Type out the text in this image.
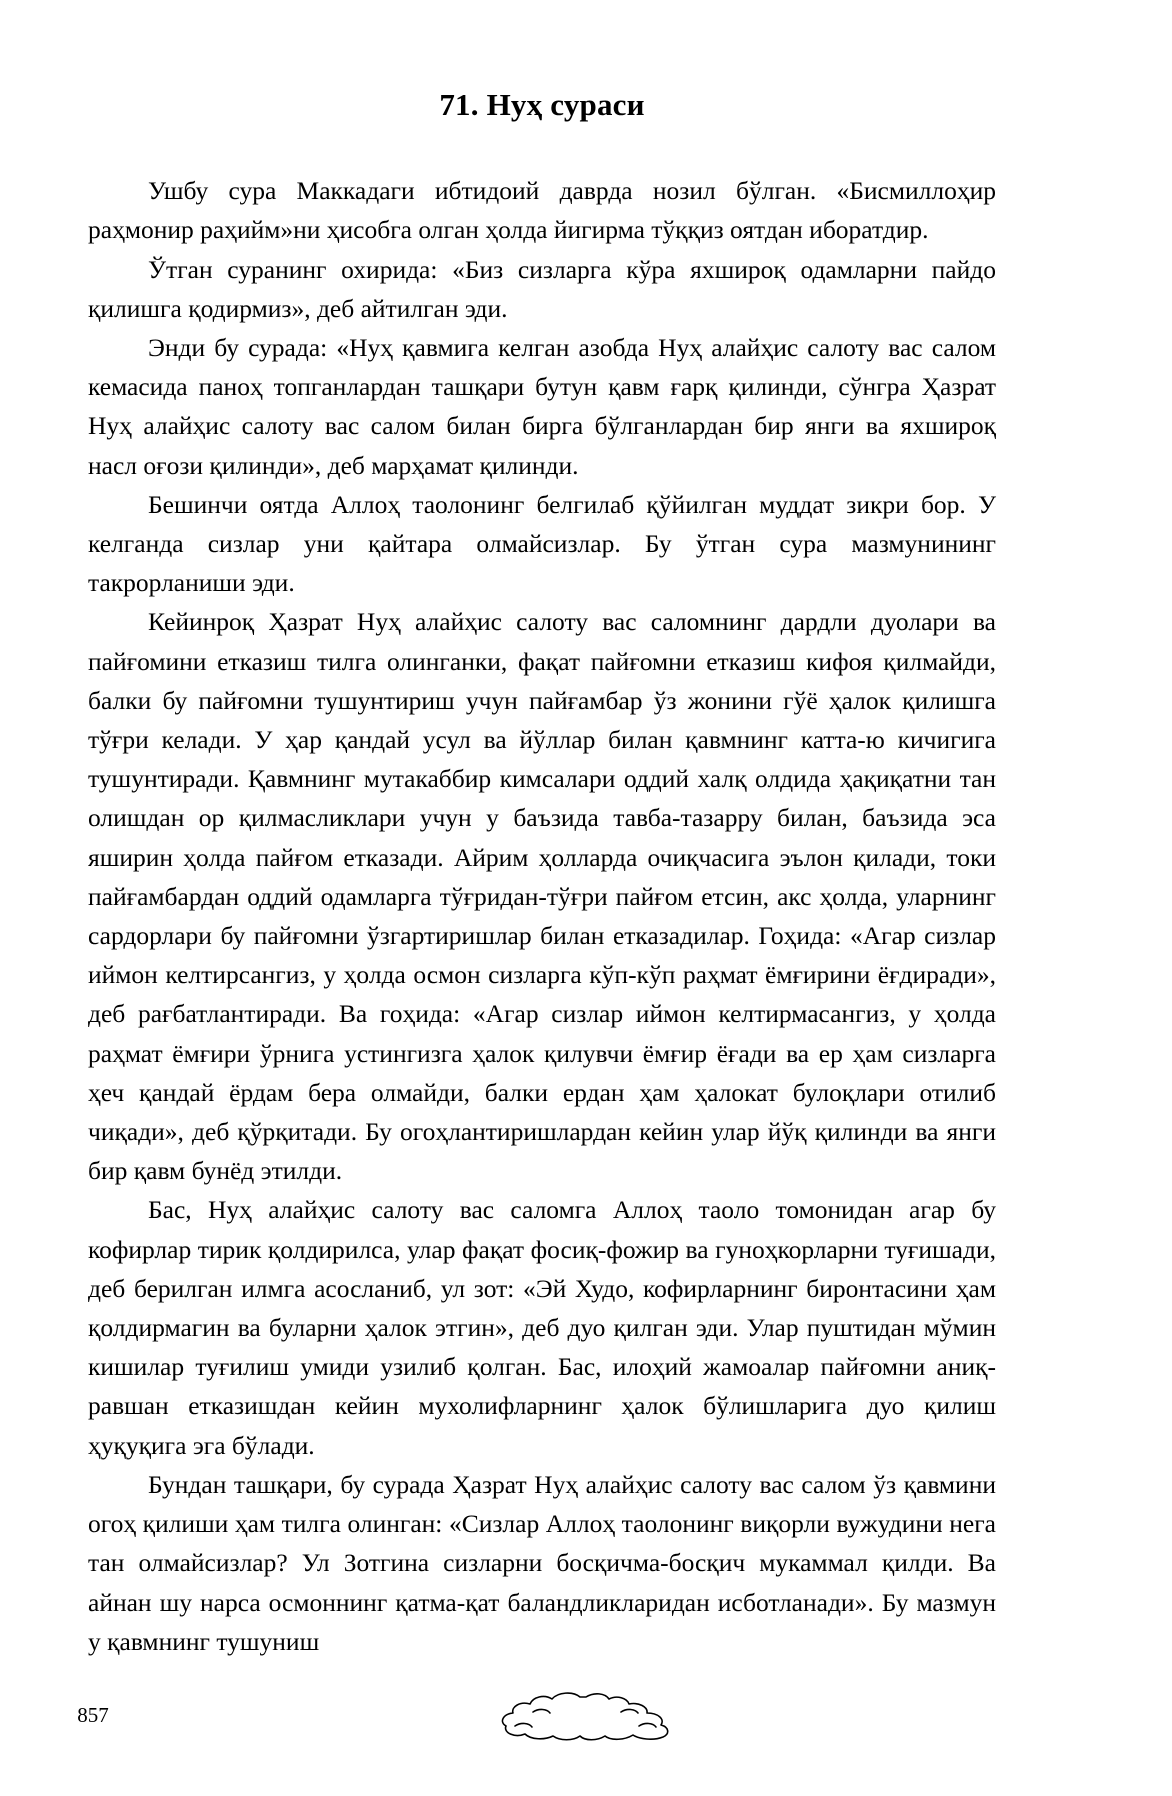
71. Нуҳ сураси

Ушбу сура Маккадаги ибтидоий даврда нозил бўлган. «Бисмиллоҳир раҳмонир раҳийм»ни ҳисобга олган ҳолда йигирма тўққиз оятдан иборатдир.

Ўтган суранинг охирида: «Биз сизларга кўра яхшироқ одамларни пайдо қилишга қодирмиз», деб айтилган эди.

Энди бу сурада: «Нуҳ қавмига келган азобда Нуҳ алайҳис салоту вас салом кемасида паноҳ топганлардан ташқари бутун қавм ғарқ қилинди, сўнгра Ҳазрат Нуҳ алайҳис салоту вас салом билан бирга бўлганлардан бир янги ва яхшироқ насл оғози қилинди», деб марҳамат қилинди.

Бешинчи оятда Аллоҳ таолонинг белгилаб қўйилган муддат зикри бор. У келганда сизлар уни қайтара олмайсизлар. Бу ўтган сура мазмунининг такрорланиши эди.

Кейинроқ Ҳазрат Нуҳ алайҳис салоту вас саломнинг дардли дуолари ва пайғомини етказиш тилга олинганки, фақат пайғомни етказиш кифоя қилмайди, балки бу пайғомни тушунтириш учун пайғамбар ўз жонини гўё ҳалок қилишга тўғри келади. У ҳар қандай усул ва йўллар билан қавмнинг катта-ю кичигига тушунтиради. Қавмнинг мутакаббир кимсалари оддий халқ олдида ҳақиқатни тан олишдан ор қилмасликлари учун у баъзида тавба-тазарру билан, баъзида эса яширин ҳолда пайғом етказади. Айрим ҳолларда очиқчасига эълон қилади, токи пайғамбардан оддий одамларга тўғридан-тўғри пайғом етсин, акс ҳолда, уларнинг сардорлари бу пайғомни ўзгартиришлар билан етказадилар. Гоҳида: «Агар сизлар иймон келтирсангиз, у ҳолда осмон сизларга кўп-кўп раҳмат ёмғирини ёғдиради», деб рағбатлантиради. Ва гоҳида: «Агар сизлар иймон келтирмасангиз, у ҳолда раҳмат ёмғири ўрнига устингизга ҳалок қилувчи ёмғир ёғади ва ер ҳам сизларга ҳеч қандай ёрдам бера олмайди, балки ердан ҳам ҳалокат булоқлари отилиб чиқади», деб қўрқитади. Бу огоҳлантиришлардан кейин улар йўқ қилинди ва янги бир қавм бунёд этилди.

Бас, Нуҳ алайҳис салоту вас саломга Аллоҳ таоло томонидан агар бу кофирлар тирик қолдирилса, улар фақат фосиқ-фожир ва гуноҳкорларни туғишади, деб берилган илмга асосланиб, ул зот: «Эй Худо, кофирларнинг биронтасини ҳам қолдирмагин ва буларни ҳалок этгин», деб дуо қилган эди. Улар пуштидан мўмин кишилар туғилиш умиди узилиб қолган. Бас, илоҳий жамоалар пайғомни аниқ-равшан етказишдан кейин мухолифларнинг ҳалок бўлишларига дуо қилиш ҳуқуқига эга бўлади.

Бундан ташқари, бу сурада Ҳазрат Нуҳ алайҳис салоту вас салом ўз қавмини огоҳ қилиши ҳам тилга олинган: «Сизлар Аллоҳ таолонинг виқорли вужудини нега тан олмайсизлар? Ул Зотгина сизларни босқичма-босқич мукаммал қилди. Ва айнан шу нарса осмоннинг қатма-қат баландликларидан исботланади». Бу мазмун у қавмнинг тушуниш

857
